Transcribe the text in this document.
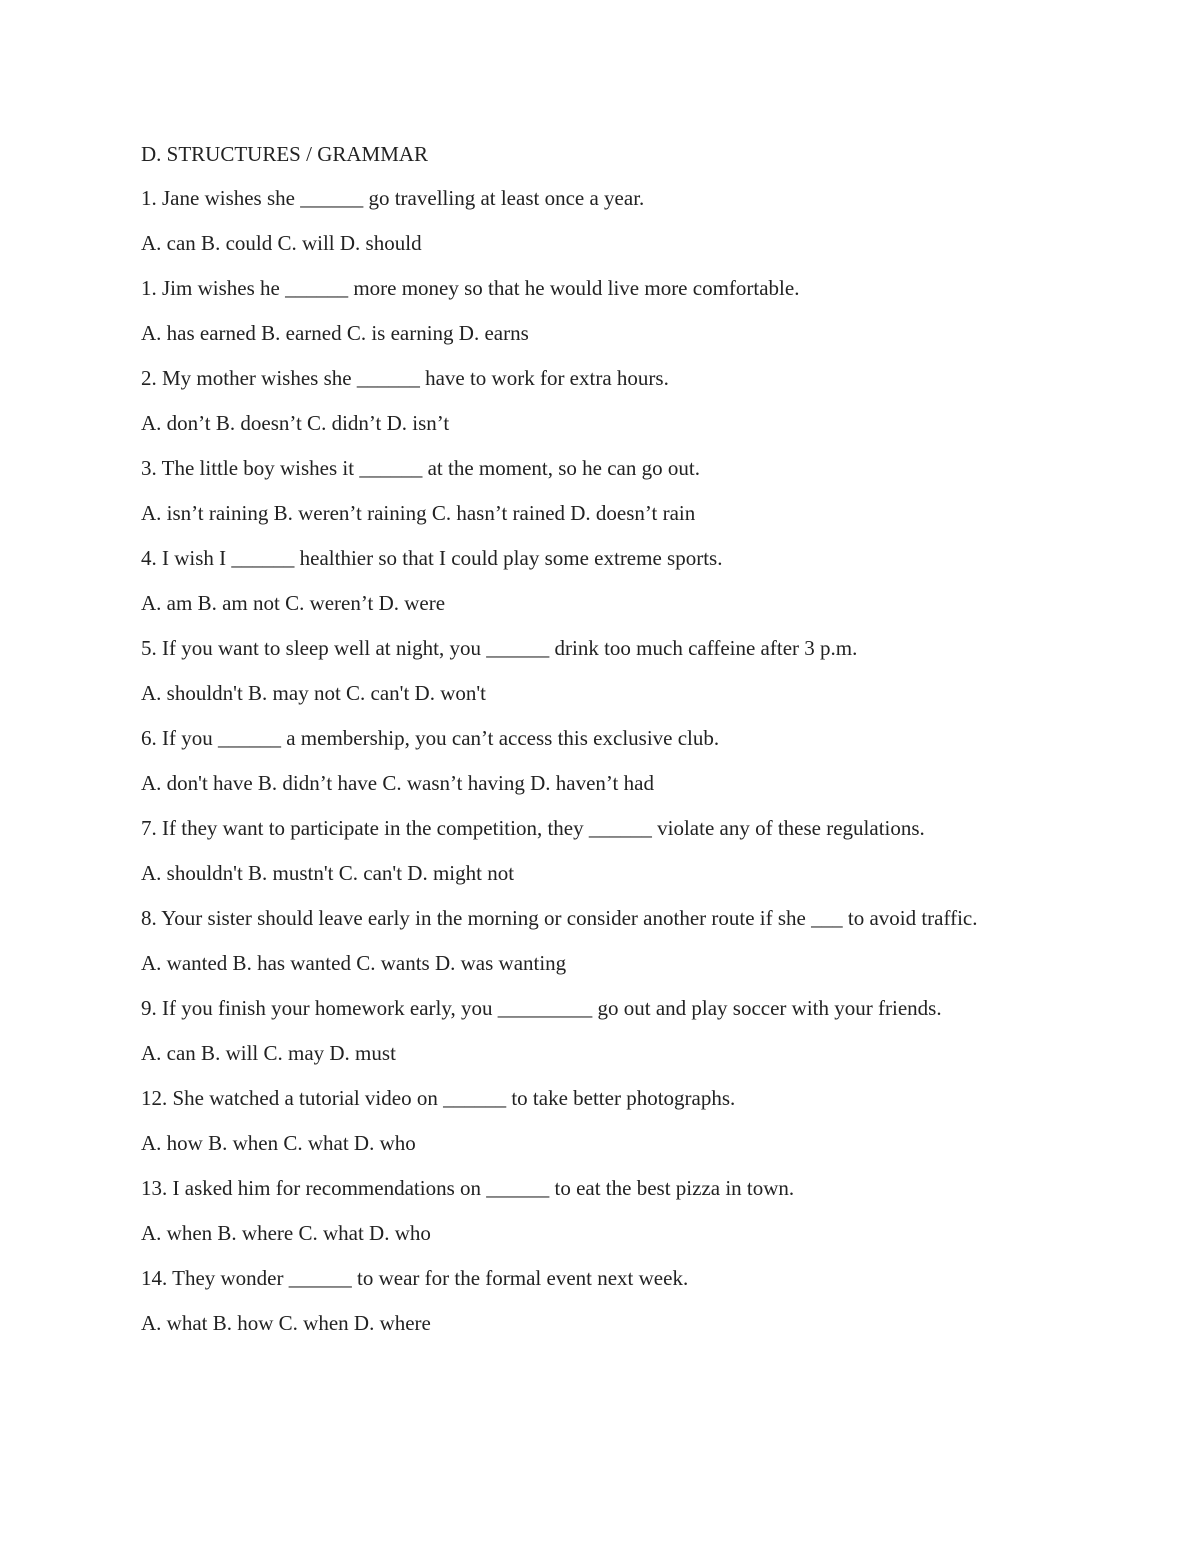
D. STRUCTURES / GRAMMAR
1. Jane wishes she ______ go travelling at least once a year.
A. can B. could C. will D. should
1. Jim wishes he ______ more money so that he would live more comfortable.
A. has earned B. earned C. is earning D. earns
2. My mother wishes she ______ have to work for extra hours.
A. don’t B. doesn’t C. didn’t D. isn’t
3. The little boy wishes it ______ at the moment, so he can go out.
A. isn’t raining B. weren’t raining C. hasn’t rained D. doesn’t rain
4. I wish I ______ healthier so that I could play some extreme sports.
A. am B. am not C. weren’t D. were
5. If you want to sleep well at night, you ______ drink too much caffeine after 3 p.m.
A. shouldn't B. may not C. can't D. won't
6. If you ______ a membership, you can’t access this exclusive club.
A. don't have B. didn’t have C. wasn’t having D. haven’t had
7. If they want to participate in the competition, they ______ violate any of these regulations.
A. shouldn't B. mustn't C. can't D. might not
8. Your sister should leave early in the morning or consider another route if she ___ to avoid traffic.
A. wanted B. has wanted C. wants D. was wanting
9. If you finish your homework early, you _________ go out and play soccer with your friends.
A. can B. will C. may D. must
12. She watched a tutorial video on ______ to take better photographs.
A. how B. when C. what D. who
13. I asked him for recommendations on ______ to eat the best pizza in town.
A. when B. where C. what D. who
14. They wonder ______ to wear for the formal event next week.
A. what B. how C. when D. where
